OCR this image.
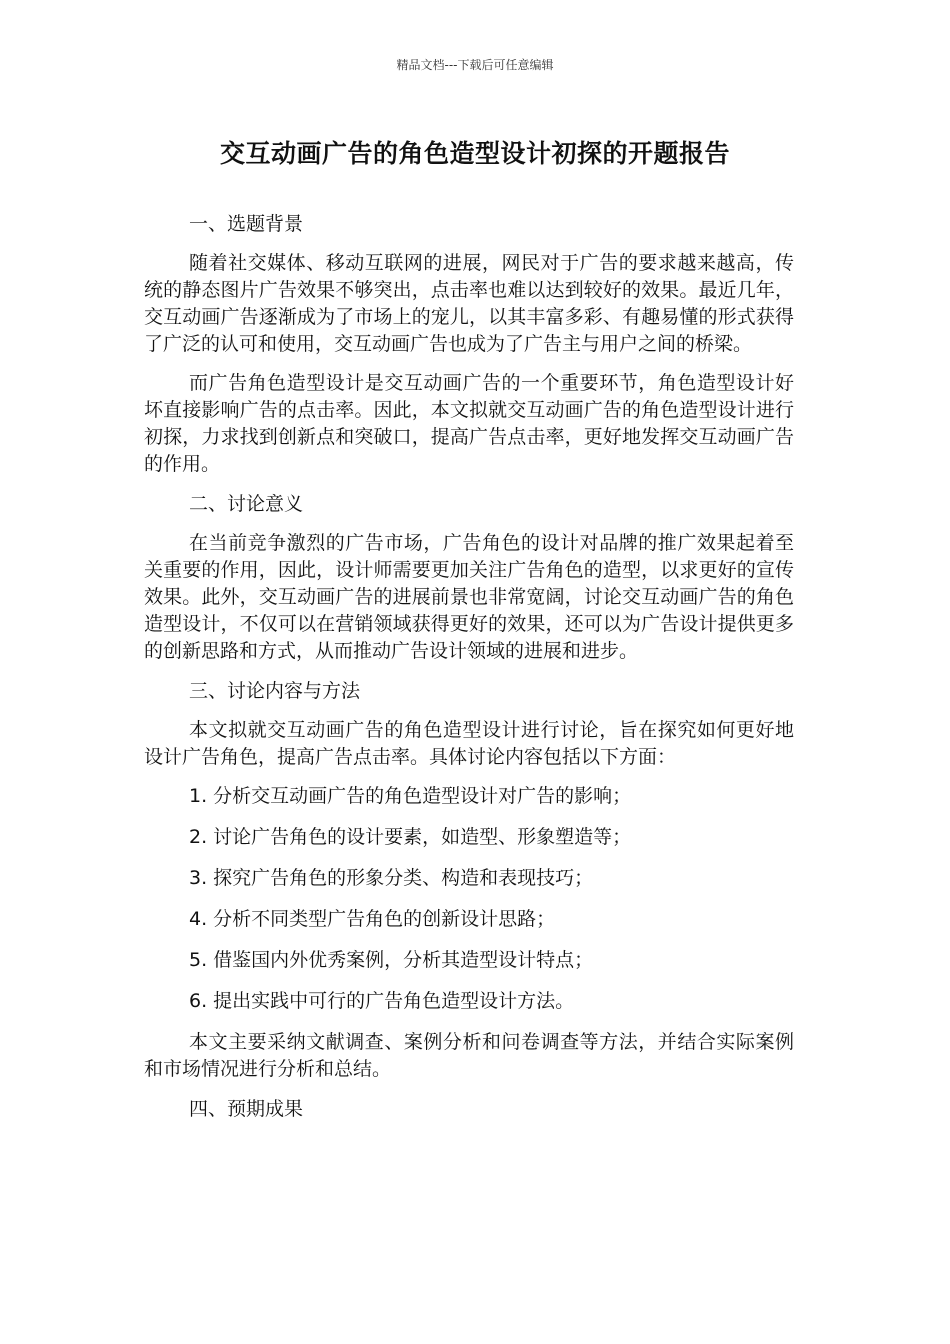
精品文档---下载后可任意编辑
交互动画广告的角色造型设计初探的开题报告
一、选题背景
随着社交媒体、移动互联网的进展，网民对于广告的要求越来越高，传统的静态图片广告效果不够突出，点击率也难以达到较好的效果。最近几年，交互动画广告逐渐成为了市场上的宠儿，以其丰富多彩、有趣易懂的形式获得了广泛的认可和使用，交互动画广告也成为了广告主与用户之间的桥梁。
而广告角色造型设计是交互动画广告的一个重要环节，角色造型设计好坏直接影响广告的点击率。因此，本文拟就交互动画广告的角色造型设计进行初探，力求找到创新点和突破口，提高广告点击率，更好地发挥交互动画广告的作用。
二、讨论意义
在当前竞争激烈的广告市场，广告角色的设计对品牌的推广效果起着至关重要的作用，因此，设计师需要更加关注广告角色的造型，以求更好的宣传效果。此外，交互动画广告的进展前景也非常宽阔，讨论交互动画广告的角色造型设计，不仅可以在营销领域获得更好的效果，还可以为广告设计提供更多的创新思路和方式，从而推动广告设计领域的进展和进步。
三、讨论内容与方法
本文拟就交互动画广告的角色造型设计进行讨论，旨在探究如何更好地设计广告角色，提高广告点击率。具体讨论内容包括以下方面：
1. 分析交互动画广告的角色造型设计对广告的影响；
2. 讨论广告角色的设计要素，如造型、形象塑造等；
3. 探究广告角色的形象分类、构造和表现技巧；
4. 分析不同类型广告角色的创新设计思路；
5. 借鉴国内外优秀案例，分析其造型设计特点；
6. 提出实践中可行的广告角色造型设计方法。
本文主要采纳文献调查、案例分析和问卷调查等方法，并结合实际案例和市场情况进行分析和总结。
四、预期成果
